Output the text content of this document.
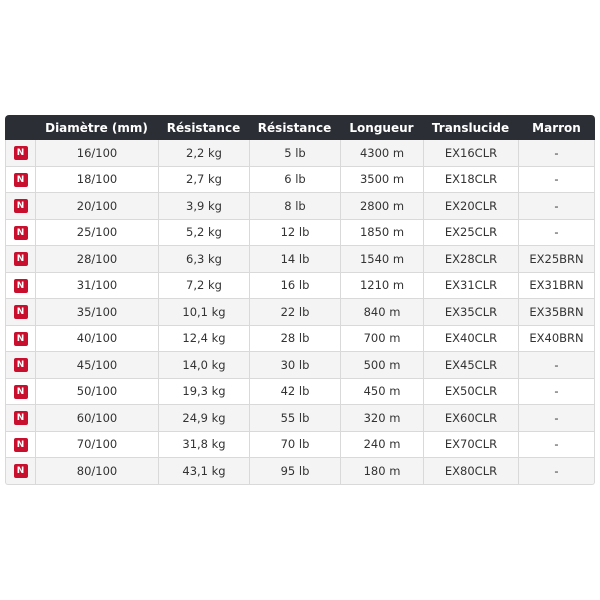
	Diamètre (mm)	Résistance	Résistance	Longueur	Translucide	Marron
N	16/100	2,2 kg	5 lb	4300 m	EX16CLR	-
N	18/100	2,7 kg	6 lb	3500 m	EX18CLR	-
N	20/100	3,9 kg	8 lb	2800 m	EX20CLR	-
N	25/100	5,2 kg	12 lb	1850 m	EX25CLR	-
N	28/100	6,3 kg	14 lb	1540 m	EX28CLR	EX25BRN
N	31/100	7,2 kg	16 lb	1210 m	EX31CLR	EX31BRN
N	35/100	10,1 kg	22 lb	840 m	EX35CLR	EX35BRN
N	40/100	12,4 kg	28 lb	700 m	EX40CLR	EX40BRN
N	45/100	14,0 kg	30 lb	500 m	EX45CLR	-
N	50/100	19,3 kg	42 lb	450 m	EX50CLR	-
N	60/100	24,9 kg	55 lb	320 m	EX60CLR	-
N	70/100	31,8 kg	70 lb	240 m	EX70CLR	-
N	80/100	43,1 kg	95 lb	180 m	EX80CLR	-
